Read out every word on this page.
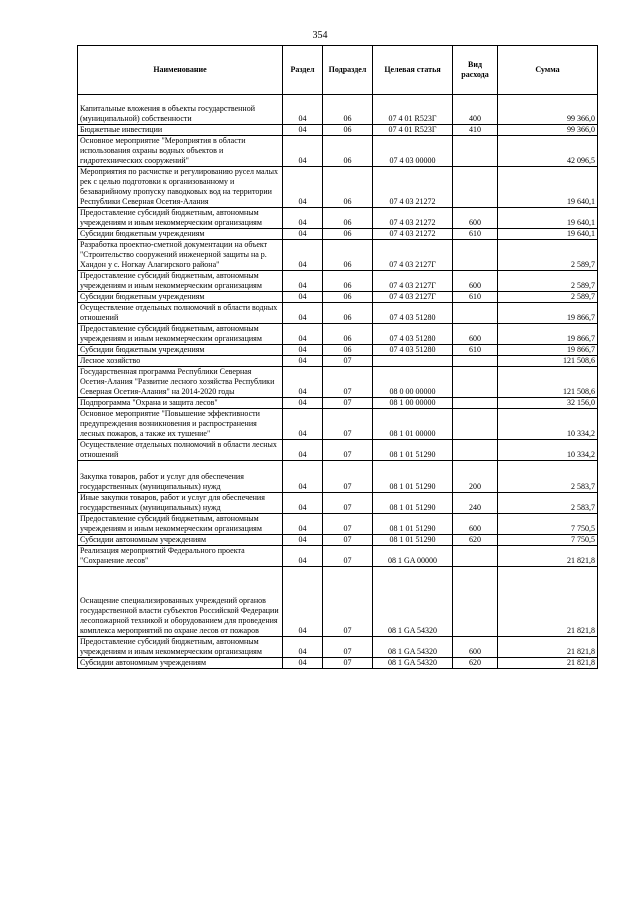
354
Наименование	Раздел	Подраздел	Целевая статья	Вид расхода	Сумма
Капитальные вложения в объекты государственной (муниципальной) собственности	04	06	07 4 01 R523Г	400	99 366,0
Бюджетные инвестиции	04	06	07 4 01 R523Г	410	99 366,0
Основное мероприятие "Мероприятия в области использования охраны водных объектов и гидротехнических сооружений"	04	06	07 4 03 00000		42 096,5
Мероприятия по расчистке и регулированию русел малых рек с целью подготовки к организованному и безаварийному пропуску паводковых вод на территории Республики Северная Осетия-Алания	04	06	07 4 03 21272		19 640,1
Предоставление субсидий бюджетным, автономным учреждениям и иным некоммерческим организациям	04	06	07 4 03 21272	600	19 640,1
Субсидии бюджетным учреждениям	04	06	07 4 03 21272	610	19 640,1
Разработка проектно-сметной документации на объект "Строительство сооружений инженерной защиты на р. Хандон у с. Ногкау Алагирского района"	04	06	07 4 03 2127Г		2 589,7
Предоставление субсидий бюджетным, автономным учреждениям и иным некоммерческим организациям	04	06	07 4 03 2127Г	600	2 589,7
Субсидии бюджетным учреждениям	04	06	07 4 03 2127Г	610	2 589,7
Осуществление отдельных полномочий в области водных отношений	04	06	07 4 03 51280		19 866,7
Предоставление субсидий бюджетным, автономным учреждениям и иным некоммерческим организациям	04	06	07 4 03 51280	600	19 866,7
Субсидии бюджетным учреждениям	04	06	07 4 03 51280	610	19 866,7
Лесное хозяйство	04	07			121 508,6
Государственная программа Республики Северная Осетия-Алания "Развитие лесного хозяйства Республики Северная Осетия-Алания" на 2014-2020 годы	04	07	08 0 00 00000		121 508,6
Подпрограмма "Охрана и защита лесов"	04	07	08 1 00 00000		32 156,0
Основное мероприятие "Повышение эффективности предупреждения возникновения и распространения лесных пожаров, а также их тушение"	04	07	08 1 01 00000		10 334,2
Осуществление отдельных полномочий в области лесных отношений	04	07	08 1 01 51290		10 334,2
Закупка товаров, работ и услуг для обеспечения государственных (муниципальных) нужд	04	07	08 1 01 51290	200	2 583,7
Иные закупки товаров, работ и услуг для обеспечения государственных (муниципальных) нужд	04	07	08 1 01 51290	240	2 583,7
Предоставление субсидий бюджетным, автономным учреждениям и иным некоммерческим организациям	04	07	08 1 01 51290	600	7 750,5
Субсидии автономным учреждениям	04	07	08 1 01 51290	620	7 750,5
Реализация мероприятий Федерального проекта "Сохранение лесов"	04	07	08 1 GA 00000		21 821,8
Оснащение специализированных учреждений органов государственной власти субъектов Российской Федерации лесопожарной техникой и оборудованием для проведения комплекса мероприятий по охране лесов от пожаров	04	07	08 1 GA 54320		21 821,8
Предоставление субсидий бюджетным, автономным учреждениям и иным некоммерческим организациям	04	07	08 1 GA 54320	600	21 821,8
Субсидии автономным учреждениям	04	07	08 1 GA 54320	620	21 821,8
